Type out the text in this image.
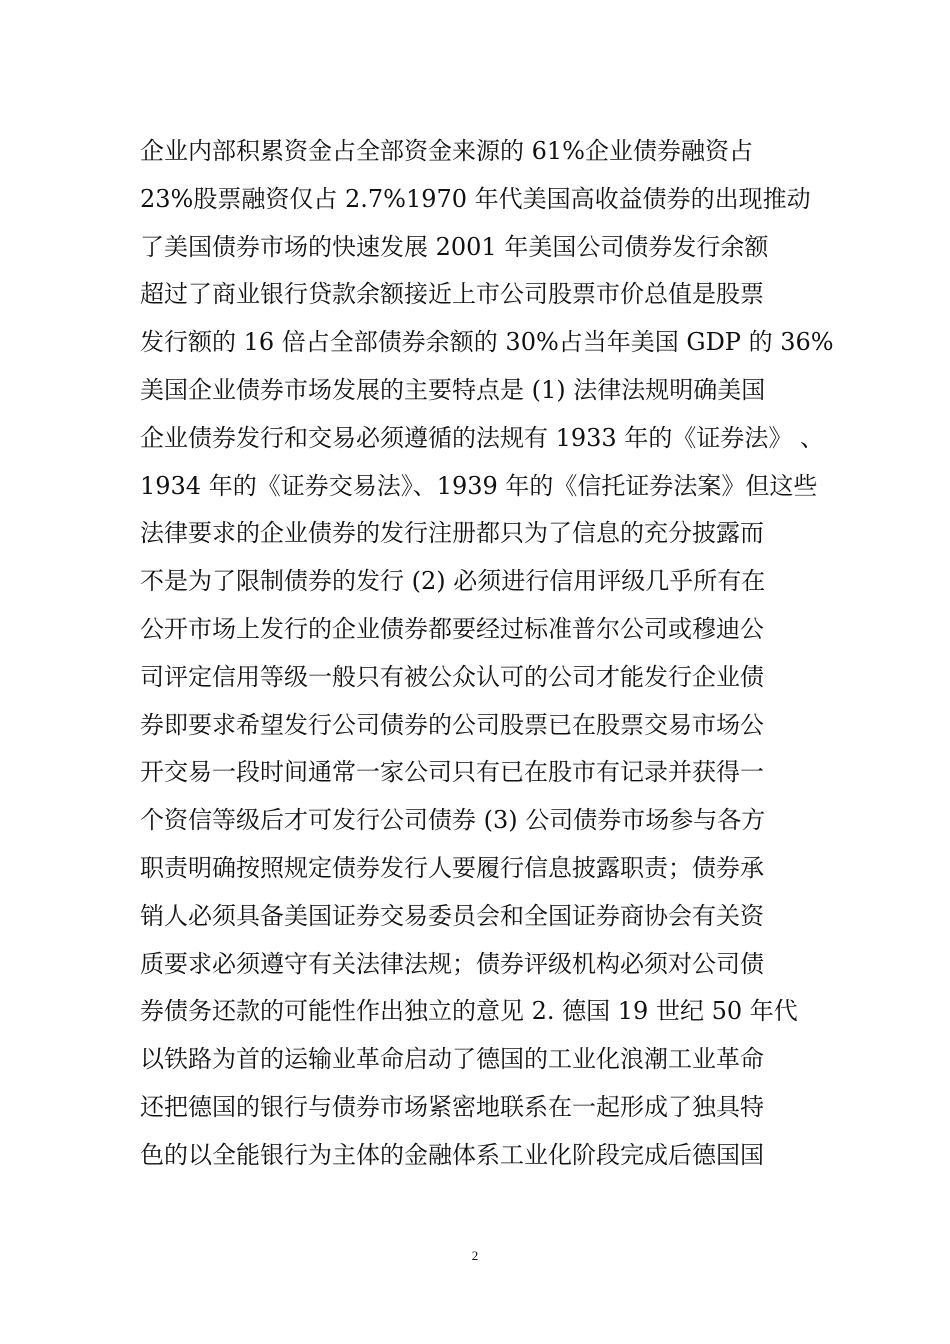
企业内部积累资金占全部资金来源的 61%企业债券融资占
23%股票融资仅占 2.7%1970 年代美国高收益债券的出现推动
了美国债券市场的快速发展 2001 年美国公司债券发行余额
超过了商业银行贷款余额接近上市公司股票市价总值是股票
发行额的 16 倍占全部债券余额的 30%占当年美国 GDP 的 36%
美国企业债券市场发展的主要特点是 (1) 法律法规明确美国
企业债券发行和交易必须遵循的法规有 1933 年的《证券法》 、
1934 年的《证券交易法》、1939 年的《信托证券法案》但这些
法律要求的企业债券的发行注册都只为了信息的充分披露而
不是为了限制债券的发行 (2) 必须进行信用评级几乎所有在
公开市场上发行的企业债券都要经过标准普尔公司或穆迪公
司评定信用等级一般只有被公众认可的公司才能发行企业债
券即要求希望发行公司债券的公司股票已在股票交易市场公
开交易一段时间通常一家公司只有已在股市有记录并获得一
个资信等级后才可发行公司债券 (3) 公司债券市场参与各方
职责明确按照规定债券发行人要履行信息披露职责；债券承
销人必须具备美国证券交易委员会和全国证券商协会有关资
质要求必须遵守有关法律法规；债券评级机构必须对公司债
券债务还款的可能性作出独立的意见 2. 德国 19 世纪 50 年代
以铁路为首的运输业革命启动了德国的工业化浪潮工业革命
还把德国的银行与债券市场紧密地联系在一起形成了独具特
色的以全能银行为主体的金融体系工业化阶段完成后德国国
2
